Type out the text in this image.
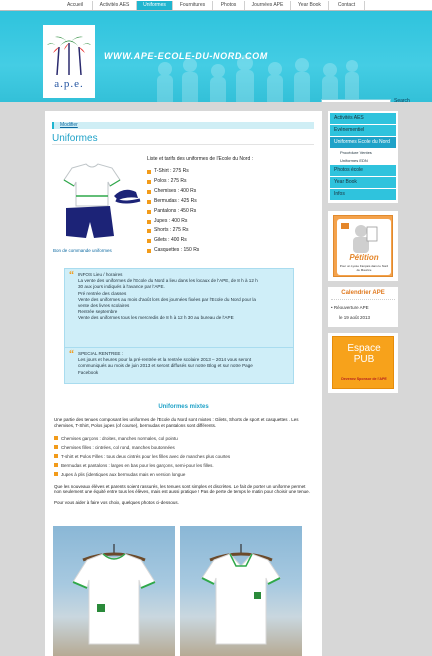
Accueil	Activités AES	Uniformes	Fournitures	Photos	Journées APE	Year Book	Contact
a.p.e.
WWW.APE-ECOLE-DU-NORD.COM
Search
Modifier
Uniformes
Liste et tarifs des uniformes de l'Ecole du Nord :
T-Shirt : 275 Rs
Polos : 275 Rs
Chemises : 400 Rs
Bermudas : 425 Rs
Pantalons : 450 Rs
Jupes : 400 Rs
Shorts : 275 Rs
Gilets : 400 Rs
Casquettes : 150 Rs
Bon de commande uniformes
“ INFOS Lieu / horaires

La vente des uniformes de l'Ecole du Nord a lieu dans les locaux de l'APE, de 8 h à 12 h

30 aux jours indiqués à l'avance par l'APE.

Pré rentrée des classes

Vente des uniformes au mois d'août lors des journées fixées par l'Ecole du Nord pour la

vente des livres scolaires

Rentrée septembre

Vente des uniformes tous les mercredis de 8 h à 12 h 30 au bureau de l'APE

“ SPECIAL RENTREE :

Les jours et heures pour la pré-rentrée et la rentrée scolaire 2013 – 2014 vous seront

communiqués au mois de juin 2013 et seront diffusés sur notre Blog et sur notre Page

Facebook

Uniformes mixtes

Une partie des tenues composant les uniformes de l'Ecole du Nord sont mixtes : Gilets, Shorts de sport et casquettes . Les chemises, T-Shirt, Polos jupes (of course), bermudas et pantalons sont différents.

Chemises garçons : droites, manches normales, col pointu
Chemises filles : cintrées, col rond, manches boutonnées
T-shirt et Polos Filles : tous deux cintrés pour les filles avec de manches plus courtes
Bermudas et pantalons : larges en bas pour les garçons, semi-pour les filles.
Jupes à plis (identiques aux bermudas mais en version longue

Que les nouveaux élèves et parents soient rassurés, les tenues sont simples et discrètes. Le fait de porter un uniforme permet non seulement une équité entre tous les élèves, mais est aussi pratique ! Pas de perte de temps le matin pour choisir une tenue.

Pour vous aider à faire vos choix, quelques photos ci-dessous.

Activités AES
Evénementiel
Uniformes Ecole du Nord
Procédure Ventes
Uniformes EDN
Photos école
Year Book
Infos
Pétition
Pour un Lycée français dans le Nord de Maurice
Calendrier APE
• Réouverture APE
le 19 août 2013
Espace
PUB
Devenez Sponsor de l'APE
